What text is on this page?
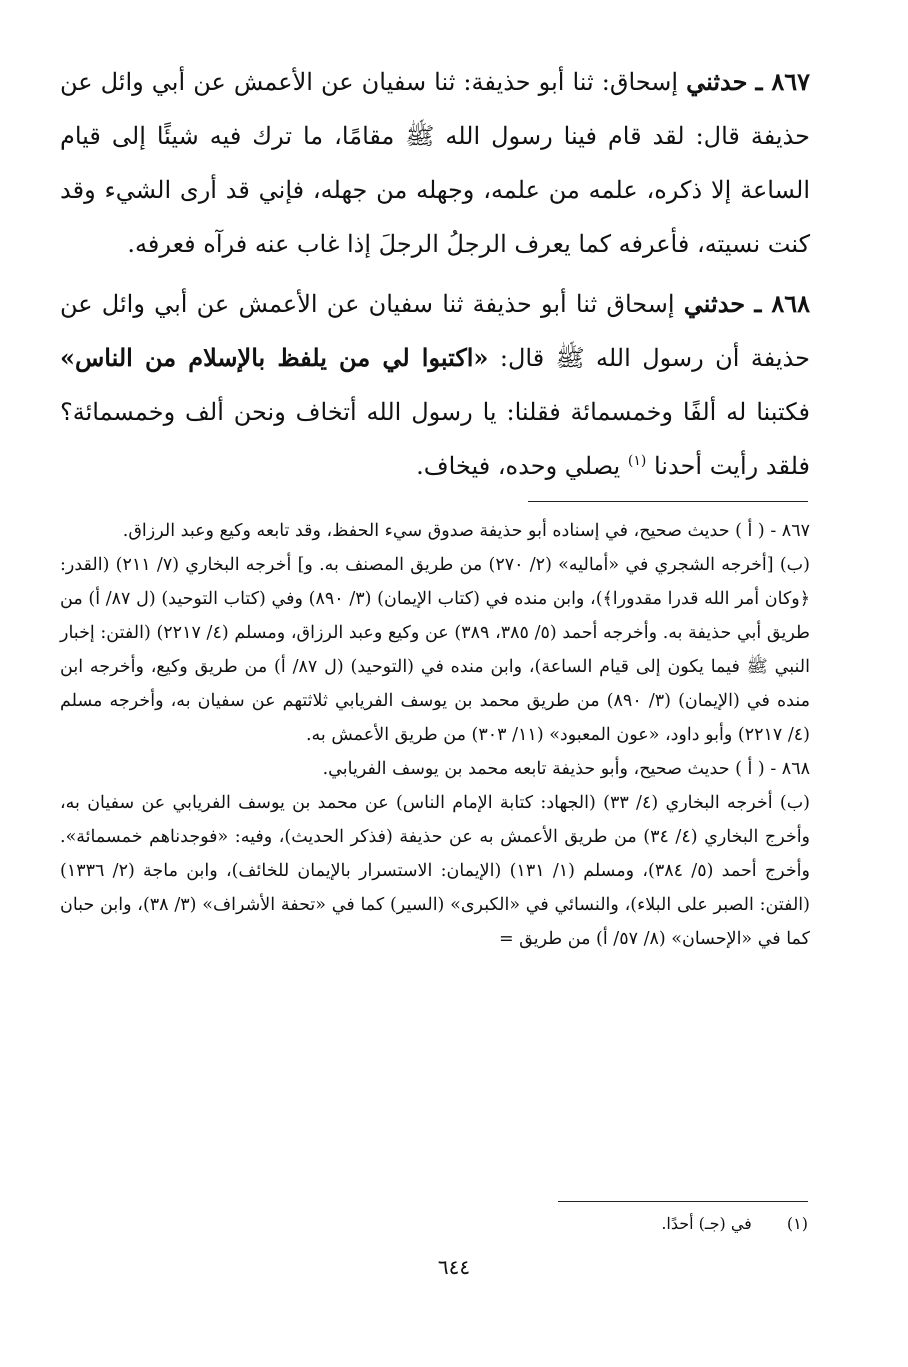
٨٦٧ ـ حدثني إسحاق: ثنا أبو حذيفة: ثنا سفيان عن الأعمش عن أبي وائل عن حذيفة قال: لقد قام فينا رسول الله ﷺ مقامًا، ما ترك فيه شيئًا إلى قيام الساعة إلا ذكره، علمه من علمه، وجهله من جهله، فإني قد أرى الشيء وقد كنت نسيته، فأعرفه كما يعرف الرجلُ الرجلَ إذا غاب عنه فرآه فعرفه.

٨٦٨ ـ حدثني إسحاق ثنا أبو حذيفة ثنا سفيان عن الأعمش عن أبي وائل عن حذيفة أن رسول الله ﷺ قال: «اكتبوا لي من يلفظ بالإسلام من الناس» فكتبنا له ألفًا وخمسمائة فقلنا: يا رسول الله أتخاف ونحن ألف وخمسمائة؟ فلقد رأيت أحدنا $^{(١)}$ يصلي وحده، فيخاف.

٨٦٧ - ( أ ) حديث صحيح، في إسناده أبو حذيفة صدوق سيء الحفظ، وقد تابعه وكيع وعبد الرزاق.

(ب) [أخرجه الشجري في «أماليه» (٢/ ٢٧٠) من طريق المصنف به. و] أخرجه البخاري (٧/ ٢١١) (القدر: ﴿وكان أمر الله قدرا مقدورا﴾)، وابن منده في (كتاب الإيمان) (٣/ ٨٩٠) وفي (كتاب التوحيد) (ل ٨٧/ أ) من طريق أبي حذيفة به. وأخرجه أحمد (٥/ ٣٨٥، ٣٨٩) عن وكيع وعبد الرزاق، ومسلم (٤/ ٢٢١٧) (الفتن: إخبار النبي ﷺ فيما يكون إلى قيام الساعة)، وابن منده في (التوحيد) (ل ٨٧/ أ) من طريق وكيع، وأخرجه ابن منده في (الإيمان) (٣/ ٨٩٠) من طريق محمد بن يوسف الفريابي ثلاثتهم عن سفيان به، وأخرجه مسلم (٤/ ٢٢١٧) وأبو داود، «عون المعبود» (١١/ ٣٠٣) من طريق الأعمش به.

٨٦٨ - ( أ ) حديث صحيح، وأبو حذيفة تابعه محمد بن يوسف الفريابي.

(ب) أخرجه البخاري (٤/ ٣٣) (الجهاد: كتابة الإمام الناس) عن محمد بن يوسف الفريابي عن سفيان به، وأخرج البخاري (٤/ ٣٤) من طريق الأعمش به عن حذيفة (فذكر الحديث)، وفيه: «فوجدناهم خمسمائة». وأخرج أحمد (٥/ ٣٨٤)، ومسلم (١/ ١٣١) (الإيمان: الاستسرار بالإيمان للخائف)، وابن ماجة (٢/ ١٣٣٦) (الفتن: الصبر على البلاء)، والنسائي في «الكبرى» (السير) كما في «تحفة الأشراف» (٣/ ٣٨)، وابن حبان كما في «الإحسان» (٨/ ٥٧/ أ) من طريق =

(١) في (جـ) أحدًا.
٦٤٤
